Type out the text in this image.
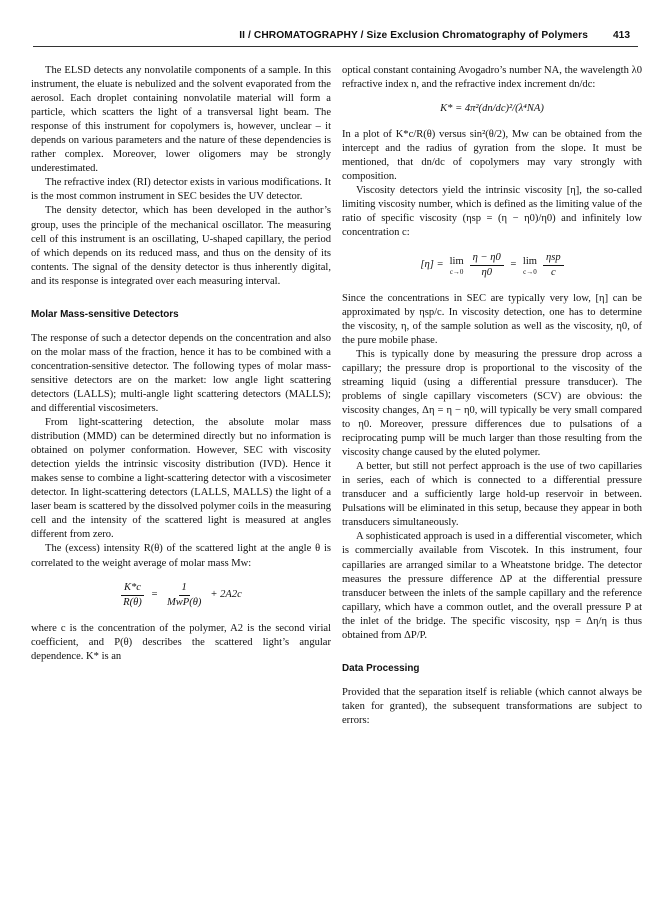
II / CHROMATOGRAPHY / Size Exclusion Chromatography of Polymers 413

The ELSD detects any nonvolatile components of a sample. In this instrument, the eluate is nebulized and the solvent evaporated from the aerosol. Each droplet containing nonvolatile material will form a particle, which scatters the light of a transversal light beam. The response of this instrument for copolymers is, however, unclear – it depends on various parameters and the nature of these dependencies is rather complex. Moreover, lower oligomers may be strongly underestimated.

The refractive index (RI) detector exists in various modifications. It is the most common instrument in SEC besides the UV detector.

The density detector, which has been developed in the author’s group, uses the principle of the mechanical oscillator. The measuring cell of this instrument is an oscillating, U-shaped capillary, the period of which depends on its reduced mass, and thus on the density of its contents. The signal of the density detector is thus inherently digital, and its response is integrated over each measuring interval.

Molar Mass-sensitive Detectors

The response of such a detector depends on the concentration and also on the molar mass of the fraction, hence it has to be combined with a concentration-sensitive detector. The following types of molar mass-sensitive detectors are on the market: low angle light scattering detectors (LALLS); multi-angle light scattering detectors (MALLS); and differential viscosimeters.

From light-scattering detection, the absolute molar mass distribution (MMD) can be determined directly but no information is obtained on polymer conformation. However, SEC with viscosity detection yields the intrinsic viscosity distribution (IVD). Hence it makes sense to combine a light-scattering detector with a viscosimeter detector. In light-scattering detectors (LALLS, MALLS) the light of a laser beam is scattered by the dissolved polymer coils in the measuring cell and the intensity of the scattered light is measured at angles different from zero.

The (excess) intensity R(θ) of the scattered light at the angle θ is correlated to the weight average of molar mass Mw:

$\frac{K*c}{R(\theta)} = \frac{1}{\text{MwP(θ)}} + 2A2c$

where c is the concentration of the polymer, A2 is the second virial coefficient, and P(θ) describes the scattered light’s angular dependence. K* is an

optical constant containing Avogadro’s number NA, the wavelength λ0 refractive index n, and the refractive index increment dn/dc:

K* = 4π²(dn/dc)²/(λ⁴NA)

In a plot of K*c/R(θ) versus sin²(θ/2), Mw can be obtained from the intercept and the radius of gyration from the slope. It must be mentioned, that dn/dc of copolymers may vary strongly with composition.

Viscosity detectors yield the intrinsic viscosity [η], the so-called limiting viscosity number, which is defined as the limiting value of the ratio of specific viscosity (ηsp = (η − η0)/η0) and infinitely low concentration c:

[η] = lim
$c\to 0 \frac{\eta - \eta 0}{\eta 0} = \lim$
$c\to 0 \frac{\text{ηsp}}{c}$

Since the concentrations in SEC are typically very low, [η] can be approximated by ηsp/c. In viscosity detection, one has to determine the viscosity, η, of the sample solution as well as the viscosity, η0, of the pure mobile phase.

This is typically done by measuring the pressure drop across a capillary; the pressure drop is proportional to the viscosity of the streaming liquid (using a differential pressure transducer). The problems of single capillary viscometers (SCV) are obvious: the viscosity changes, Δη = η − η0, will typically be very small compared to η0. Moreover, pressure differences due to pulsations of a reciprocating pump will be much larger than those resulting from the viscosity change caused by the eluted polymer.

A better, but still not perfect approach is the use of two capillaries in series, each of which is connected to a differential pressure transducer and a sufficiently large hold-up reservoir in between. Pulsations will be eliminated in this setup, because they appear in both transducers simultaneously.

A sophisticated approach is used in a differential viscometer, which is commercially available from Viscotek. In this instrument, four capillaries are arranged similar to a Wheatstone bridge. The detector measures the pressure difference ΔP at the differential pressure transducer between the inlets of the sample capillary and the reference capillary, which have a common outlet, and the overall pressure P at the inlet of the bridge. The specific viscosity, ηsp = Δη/η is thus obtained from ΔP/P.

Data Processing

Provided that the separation itself is reliable (which cannot always be taken for granted), the subsequent transformations are subject to errors:
